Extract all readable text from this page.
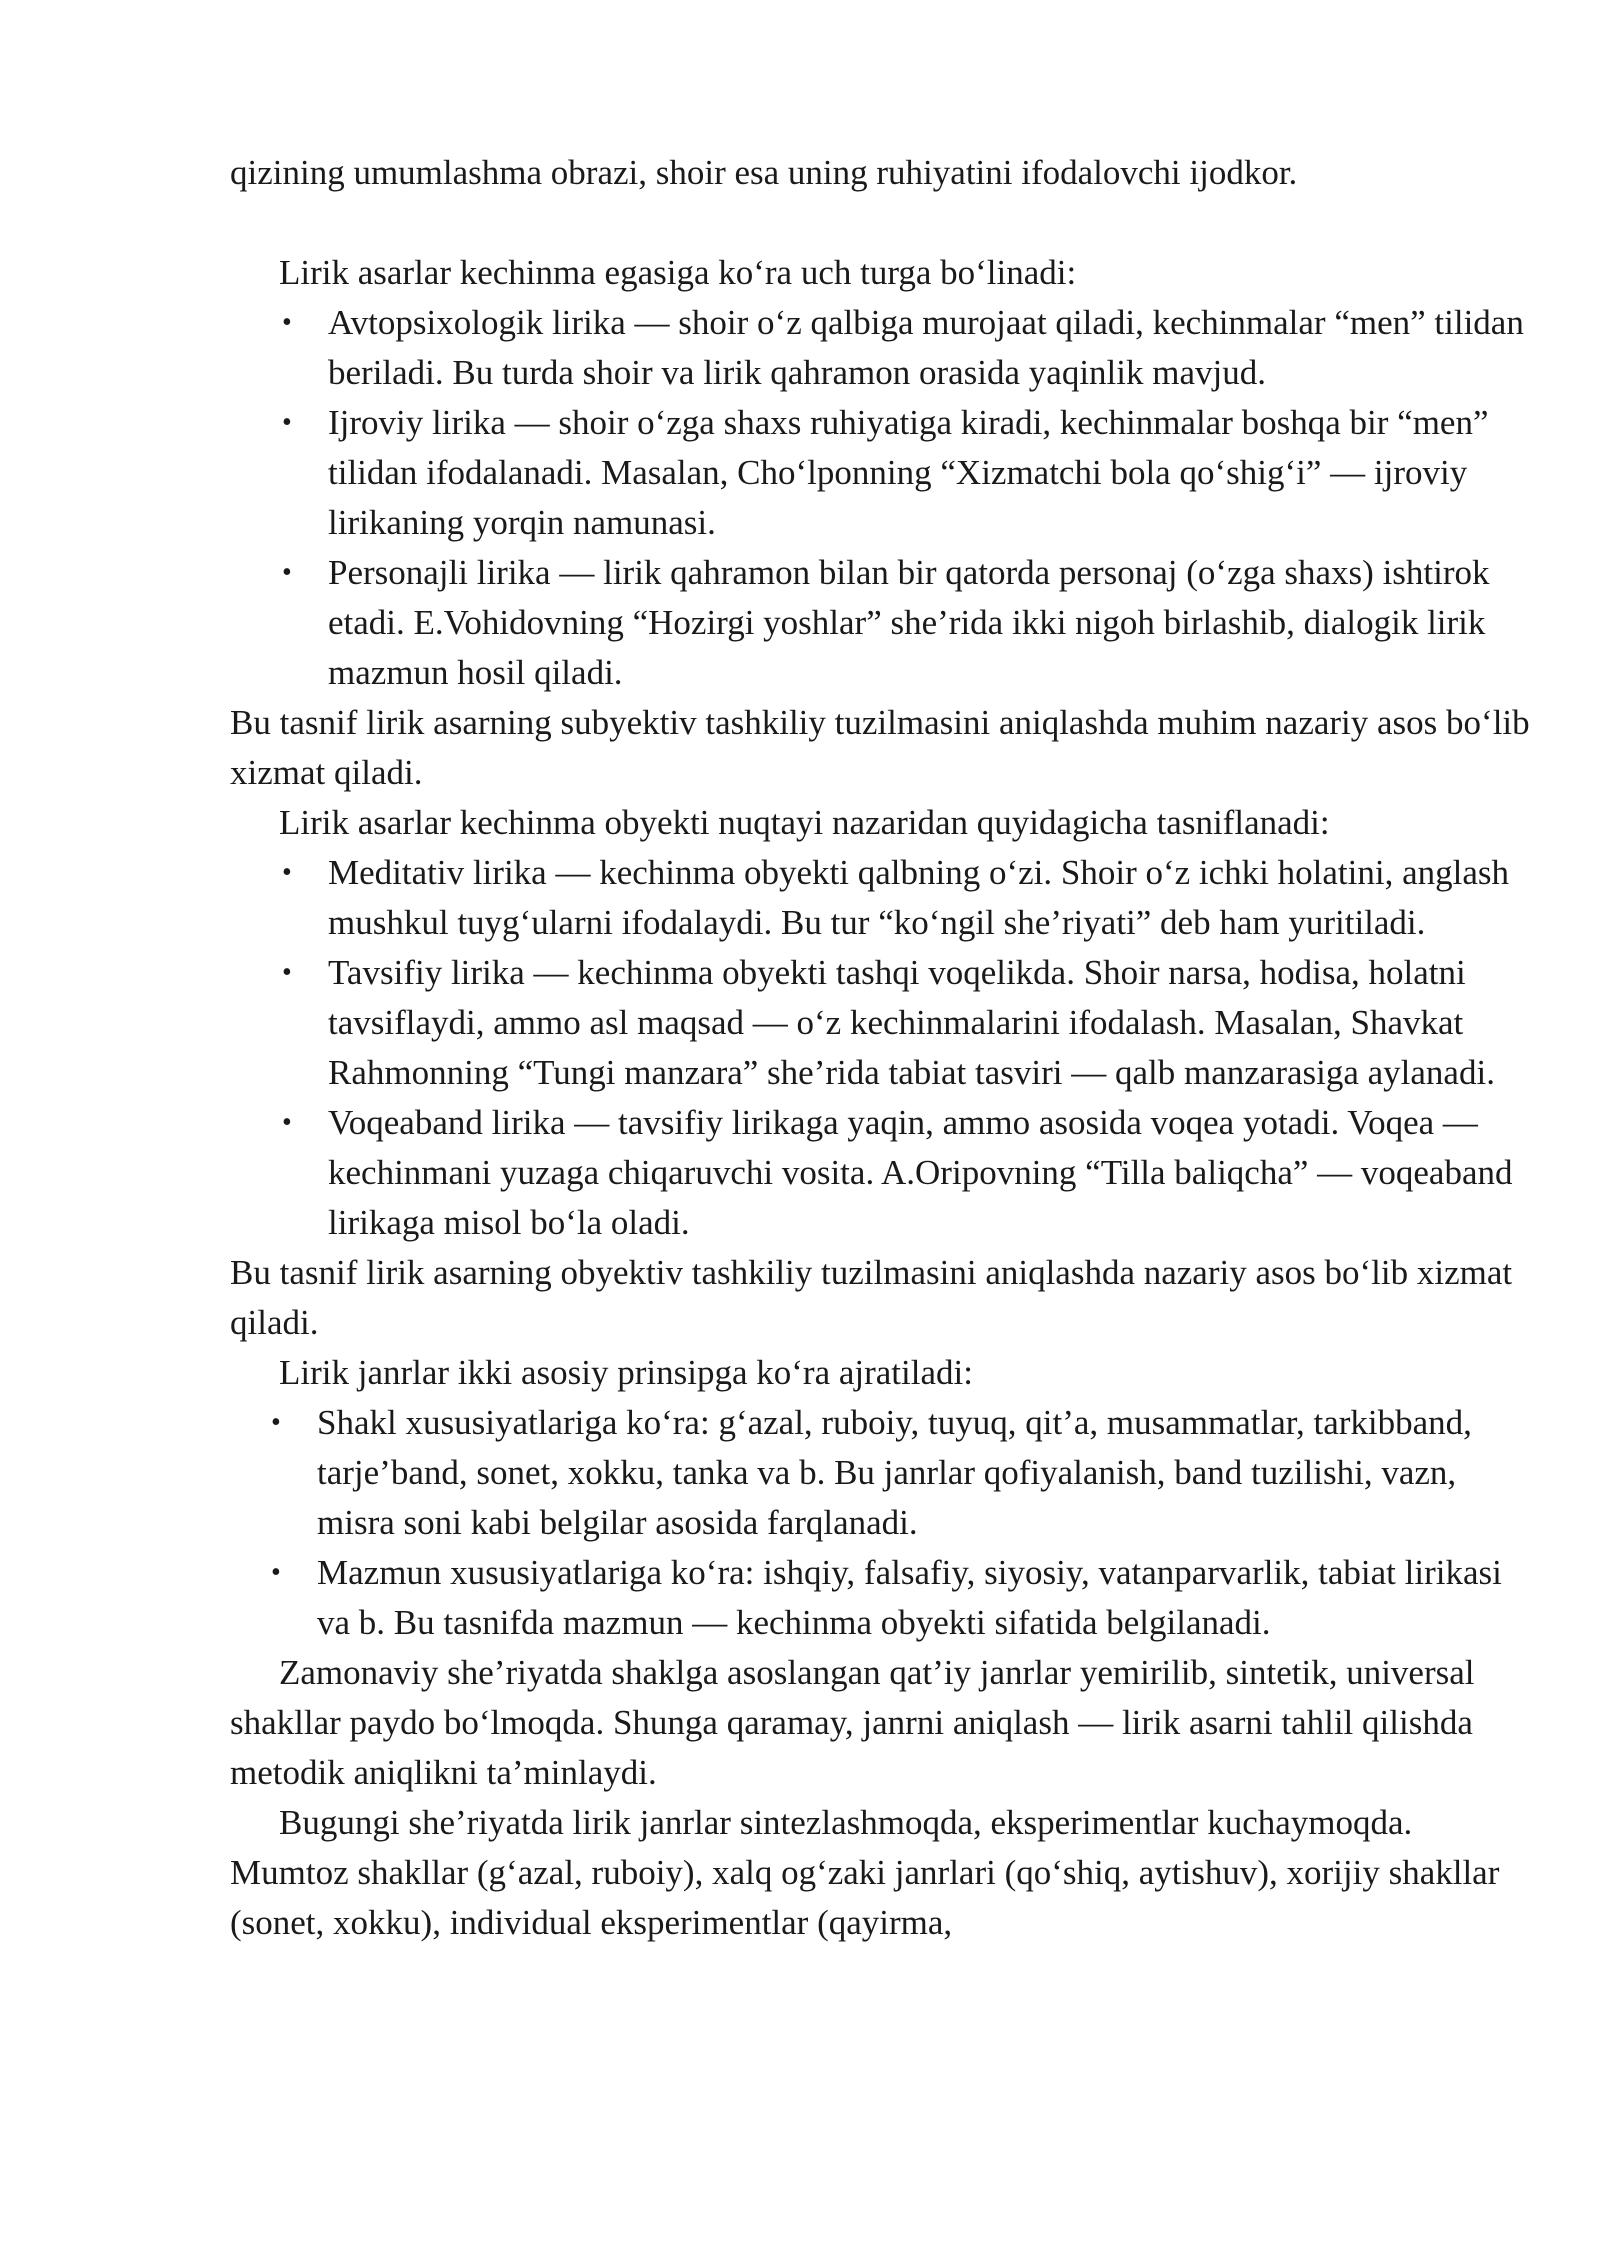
qizining umumlashma obrazi, shoir esa uning ruhiyatini ifodalovchi ijodkor.

Lirik asarlar kechinma egasiga ko‘ra uch turga bo‘linadi:

• Avtopsixologik lirika — shoir o‘z qalbiga murojaat qiladi, kechinmalar “men” tilidan beriladi. Bu turda shoir va lirik qahramon orasida yaqinlik mavjud.
• Ijroviy lirika — shoir o‘zga shaxs ruhiyatiga kiradi, kechinmalar boshqa bir “men” tilidan ifodalanadi. Masalan, Cho‘lponning “Xizmatchi bola qo‘shig‘i” — ijroviy lirikaning yorqin namunasi.
• Personajli lirika — lirik qahramon bilan bir qatorda personaj (o‘zga shaxs) ishtirok etadi. E.Vohidovning “Hozirgi yoshlar” she’rida ikki nigoh birlashib, dialogik lirik mazmun hosil qiladi.

Bu tasnif lirik asarning subyektiv tashkiliy tuzilmasini aniqlashda muhim nazariy asos bo‘lib xizmat qiladi.

Lirik asarlar kechinma obyekti nuqtayi nazaridan quyidagicha tasniflanadi:

• Meditativ lirika — kechinma obyekti qalbning o‘zi. Shoir o‘z ichki holatini, anglash mushkul tuyg‘ularni ifodalaydi. Bu tur “ko‘ngil she’riyati” deb ham yuritiladi.
• Tavsifiy lirika — kechinma obyekti tashqi voqelikda. Shoir narsa, hodisa, holatni tavsiflaydi, ammo asl maqsad — o‘z kechinmalarini ifodalash. Masalan, Shavkat Rahmonning “Tungi manzara” she’rida tabiat tasviri — qalb manzarasiga aylanadi.
• Voqeaband lirika — tavsifiy lirikaga yaqin, ammo asosida voqea yotadi. Voqea — kechinmani yuzaga chiqaruvchi vosita. A.Oripovning “Tilla baliqcha” — voqeaband lirikaga misol bo‘la oladi.

Bu tasnif lirik asarning obyektiv tashkiliy tuzilmasini aniqlashda nazariy asos bo‘lib xizmat qiladi.

Lirik janrlar ikki asosiy prinsipga ko‘ra ajratiladi:

• Shakl xususiyatlariga ko‘ra: g‘azal, ruboiy, tuyuq, qit’a, musammatlar, tarkibband, tarje’band, sonet, xokku, tanka va b. Bu janrlar qofiyalanish, band tuzilishi, vazn, misra soni kabi belgilar asosida farqlanadi.
• Mazmun xususiyatlariga ko‘ra: ishqiy, falsafiy, siyosiy, vatanparvarlik, tabiat lirikasi va b. Bu tasnifda mazmun — kechinma obyekti sifatida belgilanadi.

Zamonaviy she’riyatda shaklga asoslangan qat’iy janrlar yemirilib, sintetik, universal shakllar paydo bo‘lmoqda. Shunga qaramay, janrni aniqlash — lirik asarni tahlil qilishda metodik aniqlikni ta’minlaydi.

Bugungi she’riyatda lirik janrlar sintezlashmoqda, eksperimentlar kuchaymoqda. Mumtoz shakllar (g‘azal, ruboiy), xalq og‘zaki janrlari (qo‘shiq, aytishuv), xorijiy shakllar (sonet, xokku), individual eksperimentlar (qayirma,
